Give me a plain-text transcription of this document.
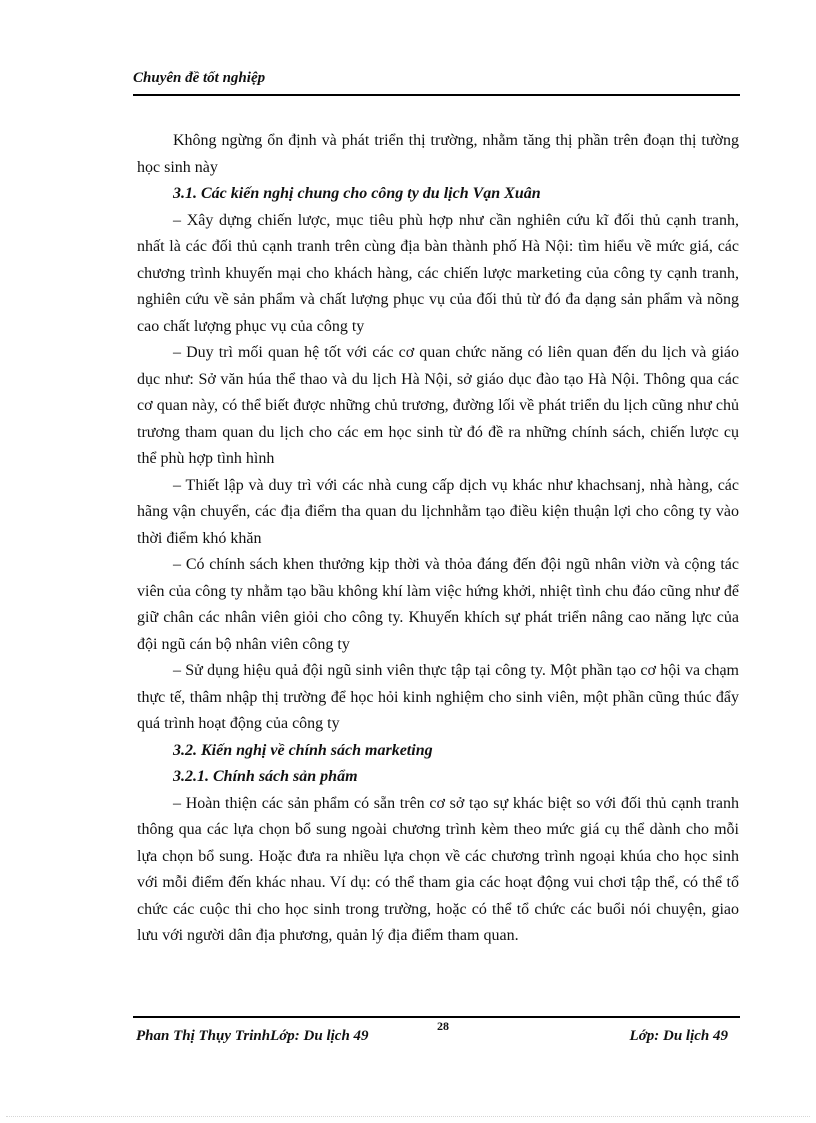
Chuyên đề tốt nghiệp

Không ngừng ổn định và phát triển thị trường, nhằm tăng thị phần trên đoạn thị tường học sinh này

3.1. Các kiến nghị chung cho công ty du lịch Vạn Xuân

– Xây dựng chiến lược, mục tiêu phù hợp như cần nghiên cứu kĩ đối thủ cạnh tranh, nhất là các đối thủ cạnh tranh trên cùng địa bàn thành phố Hà Nội: tìm hiểu về mức giá, các chương trình khuyến mại cho khách hàng, các chiến lược marketing của công ty cạnh tranh, nghiên cứu về sản phẩm và chất lượng phục vụ của đối thủ từ đó đa dạng sản phẩm và nõng cao chất lượng phục vụ của công ty

– Duy trì mối quan hệ tốt với các cơ quan chức năng có liên quan đến du lịch và giáo dục như: Sở văn húa thể thao và du lịch Hà Nội, sở giáo dục đào tạo Hà Nội. Thông qua các cơ quan này, có thể biết được những chủ trương, đường lối về phát triển du lịch cũng như chủ trương tham quan du lịch cho các em học sinh từ đó đề ra những chính sách, chiến lược cụ thể phù hợp tình hình

– Thiết lập và duy trì với các nhà cung cấp dịch vụ khác như khachsanj, nhà hàng, các hãng vận chuyển, các địa điểm tha quan du lịchnhằm tạo điều kiện thuận lợi cho công ty vào thời điểm khó khăn

– Có chính sách khen thưởng kịp thời và thỏa đáng đến đội ngũ nhân viờn và cộng tác viên của công ty nhằm tạo bầu không khí làm việc hứng khởi, nhiệt tình chu đáo cũng như để giữ chân các nhân viên giỏi cho công ty. Khuyến khích sự phát triển nâng cao năng lực của đội ngũ cán bộ nhân viên công ty

– Sử dụng hiệu quả đội ngũ sinh viên thực tập tại công ty. Một phần tạo cơ hội va chạm thực tế, thâm nhập thị trường để học hỏi kinh nghiệm cho sinh viên, một phần cũng thúc đẩy quá trình hoạt động của công ty

3.2. Kiến nghị về chính sách marketing

3.2.1. Chính sách sản phẩm

– Hoàn thiện các sản phẩm có sẵn trên cơ sở tạo sự khác biệt so với đối thủ cạnh tranh thông qua các lựa chọn bổ sung ngoài chương trình kèm theo mức giá cụ thể dành cho mỗi lựa chọn bổ sung. Hoặc đưa ra nhiều lựa chọn về các chương trình ngoại khúa cho học sinh với mỗi điểm đến khác nhau. Ví dụ: có thể tham gia các hoạt động vui chơi tập thể, có thể tổ chức các cuộc thi cho học sinh trong trường, hoặc có thể tổ chức các buổi nói chuyện, giao lưu với người dân địa phương, quản lý địa điểm tham quan.

Phan Thị Thụy TrinhLớp: Du lịch 49
28
Lớp: Du lịch 49
